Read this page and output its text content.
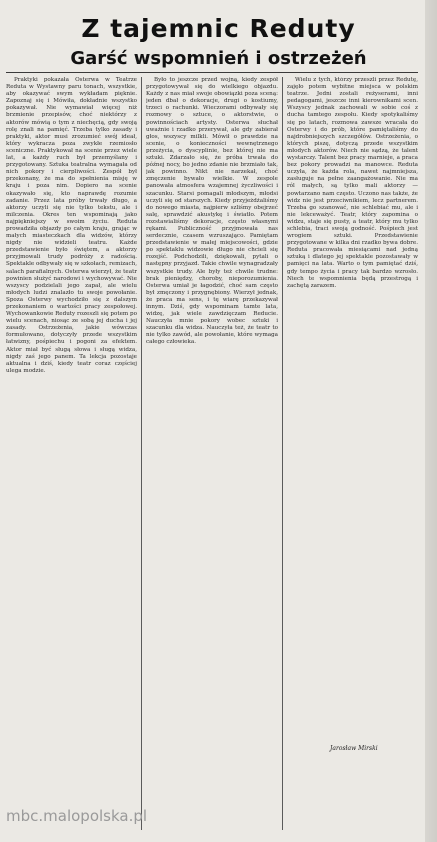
Z tajemnic Reduty
Garść wspomnień i ostrzeżeń

Praktyki pokazała Osterwa w Teatrze Reduta w Wystawny paru tonach, wszystkie, aby okazywać swym wykładam pięknie. Zapoznaj się i Mówiła, dokładnie wszystko pokazywał. Nie wymawiał więcej niż brzmienie przepisów, choć niektórzy z aktorów mówią o tym z niechęcią, gdy swoją rolę znali na pamięć. Trzeba tylko zasady i praktyki, aktor musi zrozumieć swój ideał, który wykracza poza zwykłe rzemiosło sceniczne. Praktykował na scenie przez wiele lat, a każdy ruch był przemyślany i przygotowany. Sztuka teatralna wymagała od nich pokory i cierpliwości. Zespół był przekonany, że ma do spełnienia misję w kraju i poza nim. Dopiero na scenie okazywało się, kto naprawdę rozumie zadanie. Przez lata próby trwały długo, a aktorzy uczyli się nie tylko tekstu, ale i milczenia. Okres ten wspominają jako najpiękniejszy w swoim życiu. Reduta prowadziła objazdy po całym kraju, grając w małych miasteczkach dla widzów, którzy nigdy nie widzieli teatru. Każde przedstawienie było świętem, a aktorzy przyjmowali trudy podróży z radością. Spektakle odbywały się w szkołach, remizach, salach parafialnych. Osterwa wierzył, że teatr powinien służyć narodowi i wychowywać. Nie wszyscy podzielali jego zapał, ale wielu młodych ludzi znalazło tu swoje powołanie. Spoza Osterwy wychodziło się z dalszym przekonaniem o wartości pracy zespołowej. Wychowankowie Reduty rozeszli się potem po wielu scenach, niosąc ze sobą jej ducha i jej zasady. Ostrzeżenia, jakie wówczas formułowano, dotyczyły przede wszystkim łatwizny, pośpiechu i pogoni za efektem. Aktor miał być sługą słowa i sługą widza, nigdy zaś jego panem. Ta lekcja pozostaje aktualna i dziś, kiedy teatr coraz częściej ulega modzie.

Było to jeszcze przed wojną, kiedy zespół przygotowywał się do wielkiego objazdu. Każdy z nas miał swoje obowiązki poza sceną: jeden dbał o dekoracje, drugi o kostiumy, trzeci o rachunki. Wieczorami odbywały się rozmowy o sztuce, o aktorstwie, o powinnościach artysty. Osterwa słuchał uważnie i rzadko przerywał, ale gdy zabierał głos, wszyscy milkli. Mówił o prawdzie na scenie, o konieczności wewnętrznego przeżycia, o dyscyplinie, bez której nie ma sztuki. Zdarzało się, że próba trwała do późnej nocy, bo jedno zdanie nie brzmiało tak, jak powinno. Nikt nie narzekał, choć zmęczenie bywało wielkie. W zespole panowała atmosfera wzajemnej życzliwości i szacunku. Starsi pomagali młodszym, młodsi uczyli się od starszych. Kiedy przyjeżdżaliśmy do nowego miasta, najpierw szliśmy obejrzeć salę, sprawdzić akustykę i światło. Potem rozstawialiśmy dekoracje, często własnymi rękami. Publiczność przyjmowała nas serdecznie, czasem wzruszająco. Pamiętam przedstawienie w małej miejscowości, gdzie po spektaklu widzowie długo nie chcieli się rozejść. Podchodzili, dziękowali, pytali o następny przyjazd. Takie chwile wynagradzały wszystkie trudy. Ale były też chwile trudne: brak pieniędzy, choroby, nieporozumienia. Osterwa umiał je łagodzić, choć sam często był zmęczony i przygnębiony. Wierzył jednak, że praca ma sens, i tę wiarę przekazywał innym. Dziś, gdy wspominam tamte lata, widzę, jak wiele zawdzięczam Reducie. Nauczyła mnie pokory wobec sztuki i szacunku dla widza. Nauczyła też, że teatr to nie tylko zawód, ale powołanie, które wymaga całego człowieka.

Wielu z tych, którzy przeszli przez Redutę, zajęło potem wybitne miejsca w polskim teatrze. Jedni zostali reżyserami, inni pedagogami, jeszcze inni kierownikami scen. Wszyscy jednak zachowali w sobie coś z ducha tamtego zespołu. Kiedy spotykaliśmy się po latach, rozmowa zawsze wracała do Osterwy i do prób, które pamiętaliśmy do najdrobniejszych szczegółów. Ostrzeżenia, o których piszę, dotyczą przede wszystkim młodych aktorów. Niech nie sądzą, że talent wystarczy. Talent bez pracy marnieje, a praca bez pokory prowadzi na manowce. Reduta uczyła, że każda rola, nawet najmniejsza, zasługuje na pełne zaangażowanie. Nie ma ról małych, są tylko mali aktorzy — powtarzano nam często. Uczono nas także, że widz nie jest przeciwnikiem, lecz partnerem. Trzeba go szanować, nie schlebiać mu, ale i nie lekceważyć. Teatr, który zapomina o widzu, staje się pusty, a teatr, który mu tylko schlebia, traci swoją godność. Pośpiech jest wrogiem sztuki. Przedstawienie przygotowane w kilka dni rzadko bywa dobre. Reduta pracowała miesiącami nad jedną sztuką i dlatego jej spektakle pozostawały w pamięci na lata. Warto o tym pamiętać dziś, gdy tempo życia i pracy tak bardzo wzrosło. Niech te wspomnienia będą przestrogą i zachętą zarazem.

Jarosław Mirski
mbc.malopolska.pl
